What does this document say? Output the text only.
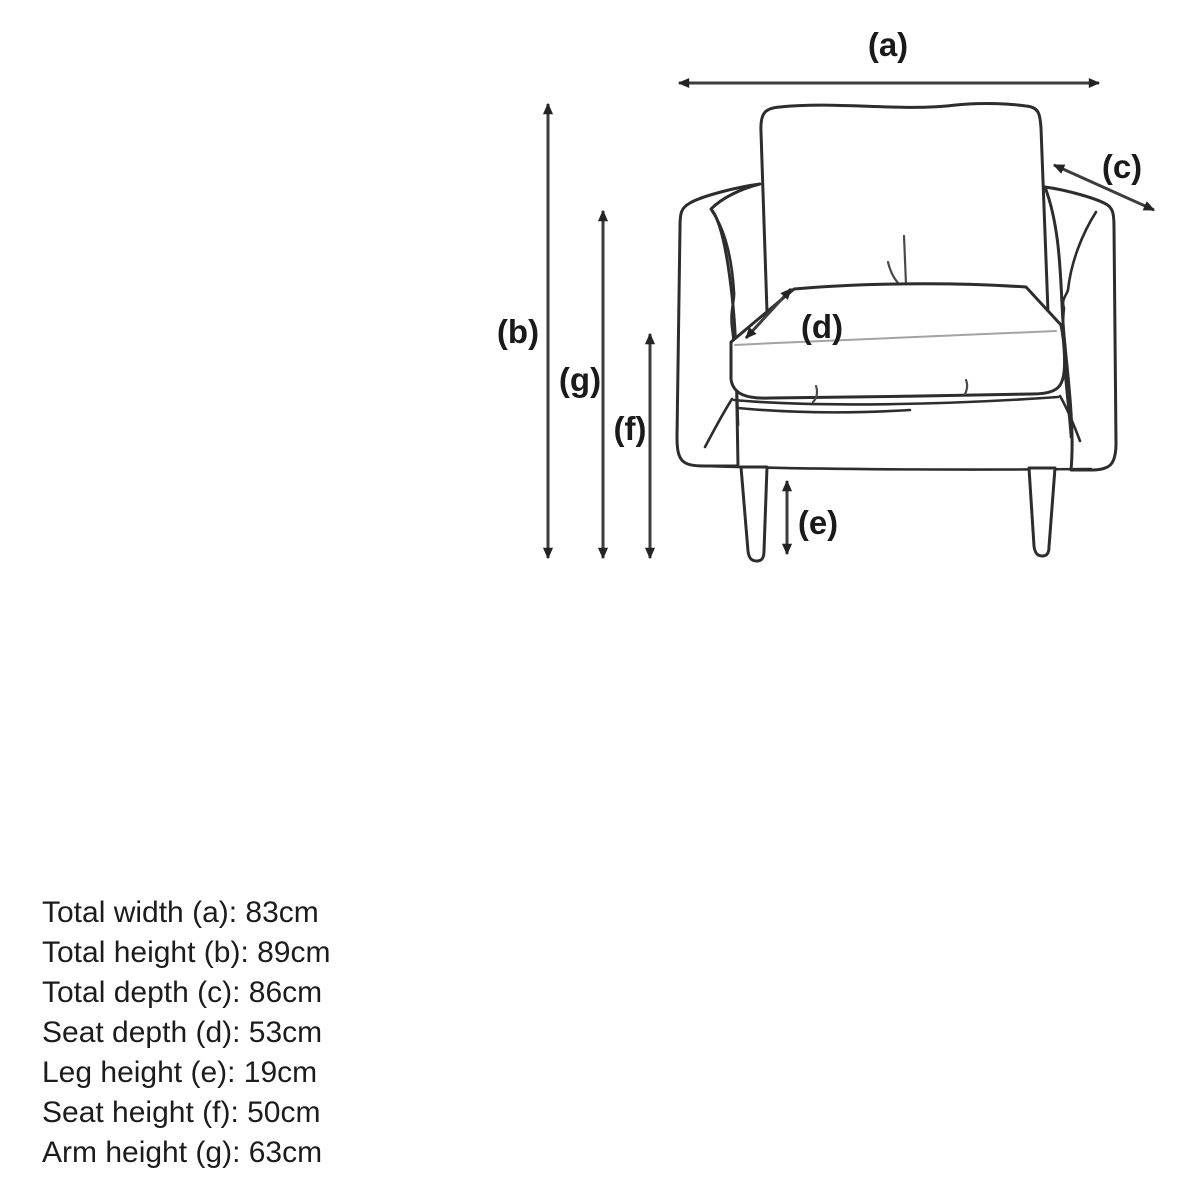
(a)
(b)
(c)
(d)
(e)
(f)
(g)
Total width (a): 83cm
Total height (b): 89cm
Total depth (c): 86cm
Seat depth (d): 53cm
Leg height (e): 19cm
Seat height (f): 50cm
Arm height (g): 63cm
